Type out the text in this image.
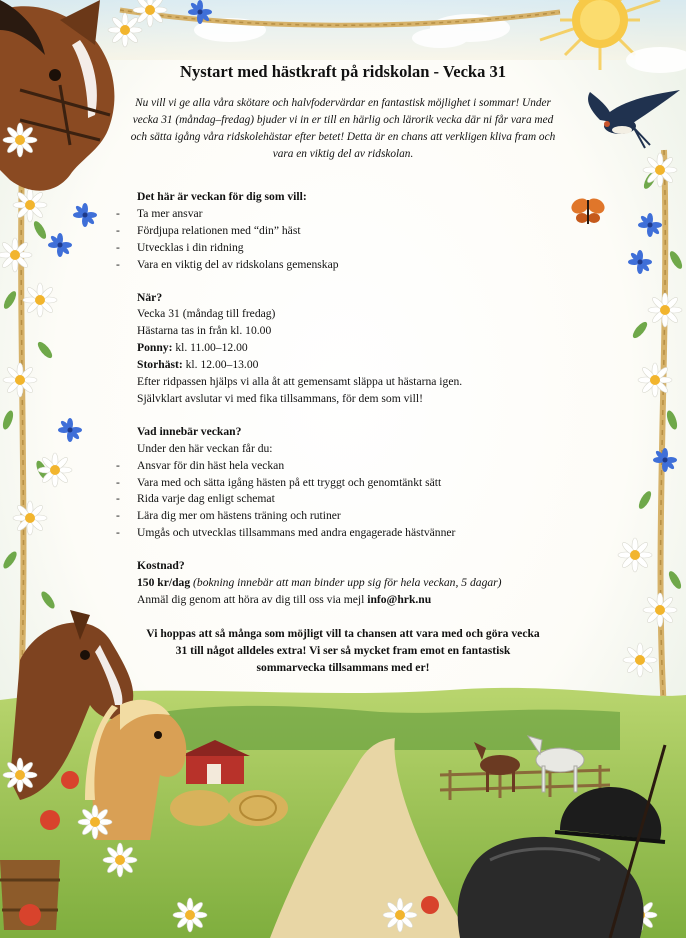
Nystart med hästkraft på ridskolan - Vecka 31
Nu vill vi ge alla våra skötare och halvfodervärdar en fantastisk möjlighet i sommar! Under vecka 31 (måndag–fredag) bjuder vi in er till en härlig och lärorik vecka där ni får vara med och sätta igång våra ridskolehästar efter betet! Detta är en chans att verkligen kliva fram och vara en viktig del av ridskolan.
Det här är veckan för dig som vill:
- Ta mer ansvar
- Fördjupa relationen med “din” häst
- Utvecklas i din ridning
- Vara en viktig del av ridskolans gemenskap
När?
Vecka 31 (måndag till fredag)
Hästarna tas in från kl. 10.00
Ponny: kl. 11.00–12.00
Storhäst: kl. 12.00–13.00
Efter ridpassen hjälps vi alla åt att gemensamt släppa ut hästarna igen.
Självklart avslutar vi med fika tillsammans, för dem som vill!
Vad innebär veckan?
Under den här veckan får du:
- Ansvar för din häst hela veckan
- Vara med och sätta igång hästen på ett tryggt och genomtänkt sätt
- Rida varje dag enligt schemat
- Lära dig mer om hästens träning och rutiner
- Umgås och utvecklas tillsammans med andra engagerade hästvänner
Kostnad?
150 kr/dag (bokning innebär att man binder upp sig för hela veckan, 5 dagar)
Anmäl dig genom att höra av dig till oss via mejl info@hrk.nu
Vi hoppas att så många som möjligt vill ta chansen att vara med och göra vecka 31 till något alldeles extra! Vi ser så mycket fram emot en fantastisk sommarvecka tillsammans med er!
